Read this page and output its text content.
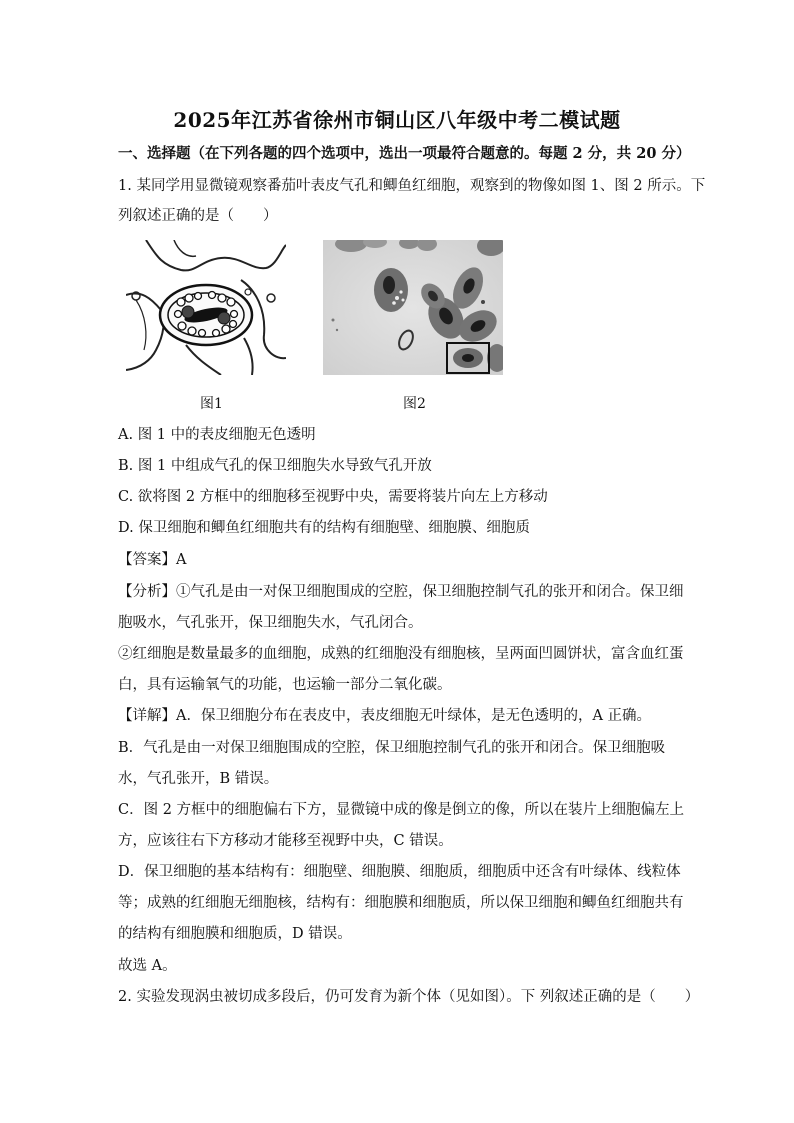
2025年江苏省徐州市铜山区八年级中考二模试题
一、选择题（在下列各题的四个选项中，选出一项最符合题意的。每题 2 分，共 20 分）
1. 某同学用显微镜观察番茄叶表皮气孔和鲫鱼红细胞，观察到的物像如图 1、图 2 所示。下
列叙述正确的是（　　）
图1	图2
A. 图 1 中的表皮细胞无色透明
B. 图 1 中组成气孔的保卫细胞失水导致气孔开放
C. 欲将图 2 方框中的细胞移至视野中央，需要将装片向左上方移动
D. 保卫细胞和鲫鱼红细胞共有的结构有细胞壁、细胞膜、细胞质
【答案】A
【分析】①气孔是由一对保卫细胞围成的空腔，保卫细胞控制气孔的张开和闭合。保卫细
胞吸水，气孔张开，保卫细胞失水，气孔闭合。
②红细胞是数量最多的血细胞，成熟的红细胞没有细胞核，呈两面凹圆饼状，富含血红蛋
白，具有运输氧气的功能，也运输一部分二氧化碳。
【详解】A．保卫细胞分布在表皮中，表皮细胞无叶绿体，是无色透明的，A 正确。
B．气孔是由一对保卫细胞围成的空腔，保卫细胞控制气孔的张开和闭合。保卫细胞吸
水，气孔张开，B 错误。
C．图 2 方框中的细胞偏右下方，显微镜中成的像是倒立的像，所以在装片上细胞偏左上
方，应该往右下方移动才能移至视野中央，C 错误。
D．保卫细胞的基本结构有：细胞壁、细胞膜、细胞质，细胞质中还含有叶绿体、线粒体
等；成熟的红细胞无细胞核，结构有：细胞膜和细胞质，所以保卫细胞和鲫鱼红细胞共有
的结构有细胞膜和细胞质，D 错误。
故选 A。
2. 实验发现涡虫被切成多段后，仍可发育为新个体（见如图）。下 列叙述正确的是（　　）
